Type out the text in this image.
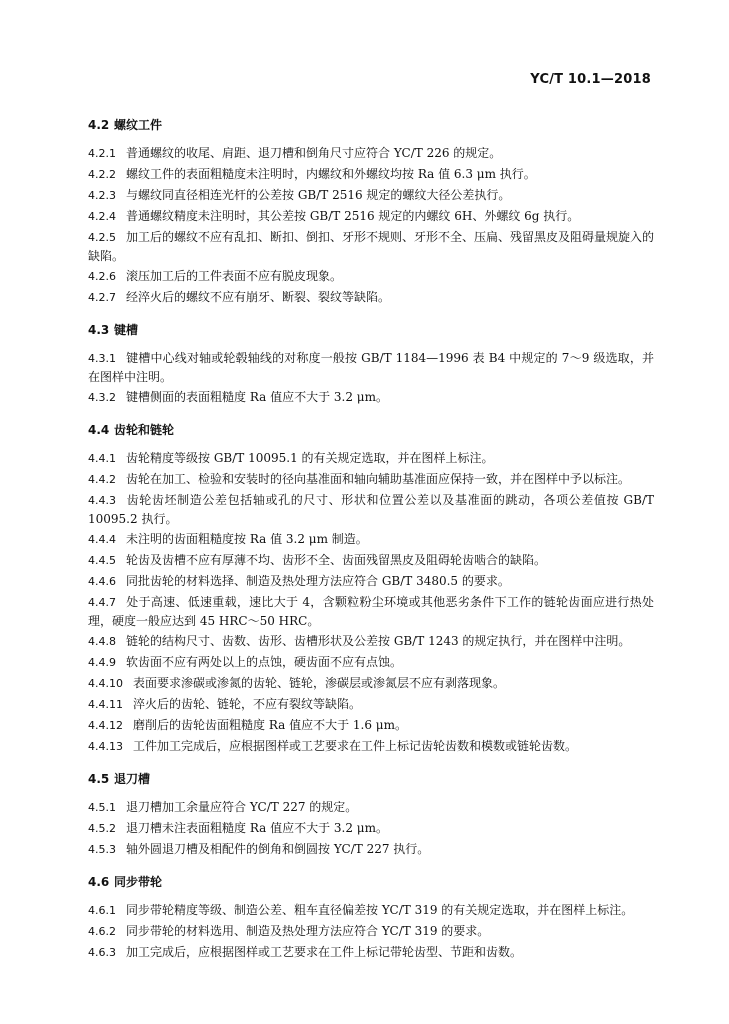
YC/T 10.1—2018
4.2 螺纹工件
4.2.1 普通螺纹的收尾、肩距、退刀槽和倒角尺寸应符合 YC/T 226 的规定。
4.2.2 螺纹工件的表面粗糙度未注明时，内螺纹和外螺纹均按 Ra 值 6.3 μm 执行。
4.2.3 与螺纹同直径相连光杆的公差按 GB/T 2516 规定的螺纹大径公差执行。
4.2.4 普通螺纹精度未注明时，其公差按 GB/T 2516 规定的内螺纹 6H、外螺纹 6g 执行。
4.2.5 加工后的螺纹不应有乱扣、断扣、倒扣、牙形不规则、牙形不全、压扁、残留黑皮及阻碍量规旋入的缺陷。
4.2.6 滚压加工后的工件表面不应有脱皮现象。
4.2.7 经淬火后的螺纹不应有崩牙、断裂、裂纹等缺陷。
4.3 键槽
4.3.1 键槽中心线对轴或轮毂轴线的对称度一般按 GB/T 1184—1996 表 B4 中规定的 7～9 级选取，并在图样中注明。
4.3.2 键槽侧面的表面粗糙度 Ra 值应不大于 3.2 μm。
4.4 齿轮和链轮
4.4.1 齿轮精度等级按 GB/T 10095.1 的有关规定选取，并在图样上标注。
4.4.2 齿轮在加工、检验和安装时的径向基准面和轴向辅助基准面应保持一致，并在图样中予以标注。
4.4.3 齿轮齿坯制造公差包括轴或孔的尺寸、形状和位置公差以及基准面的跳动，各项公差值按 GB/T 10095.2 执行。
4.4.4 未注明的齿面粗糙度按 Ra 值 3.2 μm 制造。
4.4.5 轮齿及齿槽不应有厚薄不均、齿形不全、齿面残留黑皮及阻碍轮齿啮合的缺陷。
4.4.6 同批齿轮的材料选择、制造及热处理方法应符合 GB/T 3480.5 的要求。
4.4.7 处于高速、低速重载，速比大于 4，含颗粒粉尘环境或其他恶劣条件下工作的链轮齿面应进行热处理，硬度一般应达到 45 HRC～50 HRC。
4.4.8 链轮的结构尺寸、齿数、齿形、齿槽形状及公差按 GB/T 1243 的规定执行，并在图样中注明。
4.4.9 软齿面不应有两处以上的点蚀，硬齿面不应有点蚀。
4.4.10 表面要求渗碳或渗氮的齿轮、链轮，渗碳层或渗氮层不应有剥落现象。
4.4.11 淬火后的齿轮、链轮，不应有裂纹等缺陷。
4.4.12 磨削后的齿轮齿面粗糙度 Ra 值应不大于 1.6 μm。
4.4.13 工件加工完成后，应根据图样或工艺要求在工件上标记齿轮齿数和模数或链轮齿数。
4.5 退刀槽
4.5.1 退刀槽加工余量应符合 YC/T 227 的规定。
4.5.2 退刀槽未注表面粗糙度 Ra 值应不大于 3.2 μm。
4.5.3 轴外圆退刀槽及相配件的倒角和倒圆按 YC/T 227 执行。
4.6 同步带轮
4.6.1 同步带轮精度等级、制造公差、粗车直径偏差按 YC/T 319 的有关规定选取，并在图样上标注。
4.6.2 同步带轮的材料选用、制造及热处理方法应符合 YC/T 319 的要求。
4.6.3 加工完成后，应根据图样或工艺要求在工件上标记带轮齿型、节距和齿数。
